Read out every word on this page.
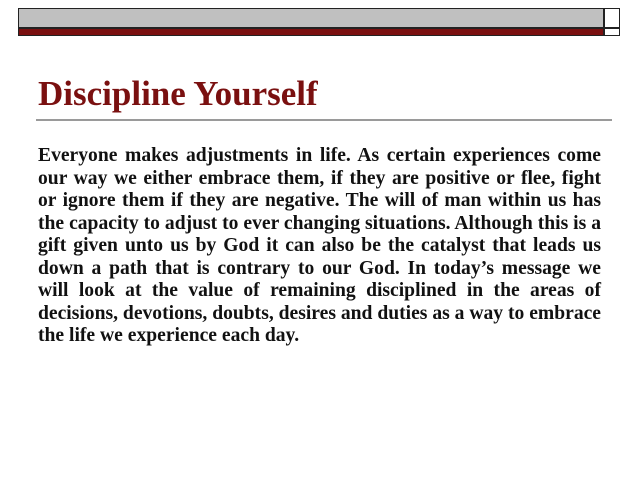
Discipline Yourself

Everyone makes adjustments in life. As certain experiences come our way we either embrace them, if they are positive or flee, fight or ignore them if they are negative. The will of man within us has the capacity to adjust to ever changing situations. Although this is a gift given unto us by God it can also be the catalyst that leads us down a path that is contrary to our God. In today’s message we will look at the value of remaining disciplined in the areas of decisions, devotions, doubts, desires and duties as a way to embrace the life we experience each day.
